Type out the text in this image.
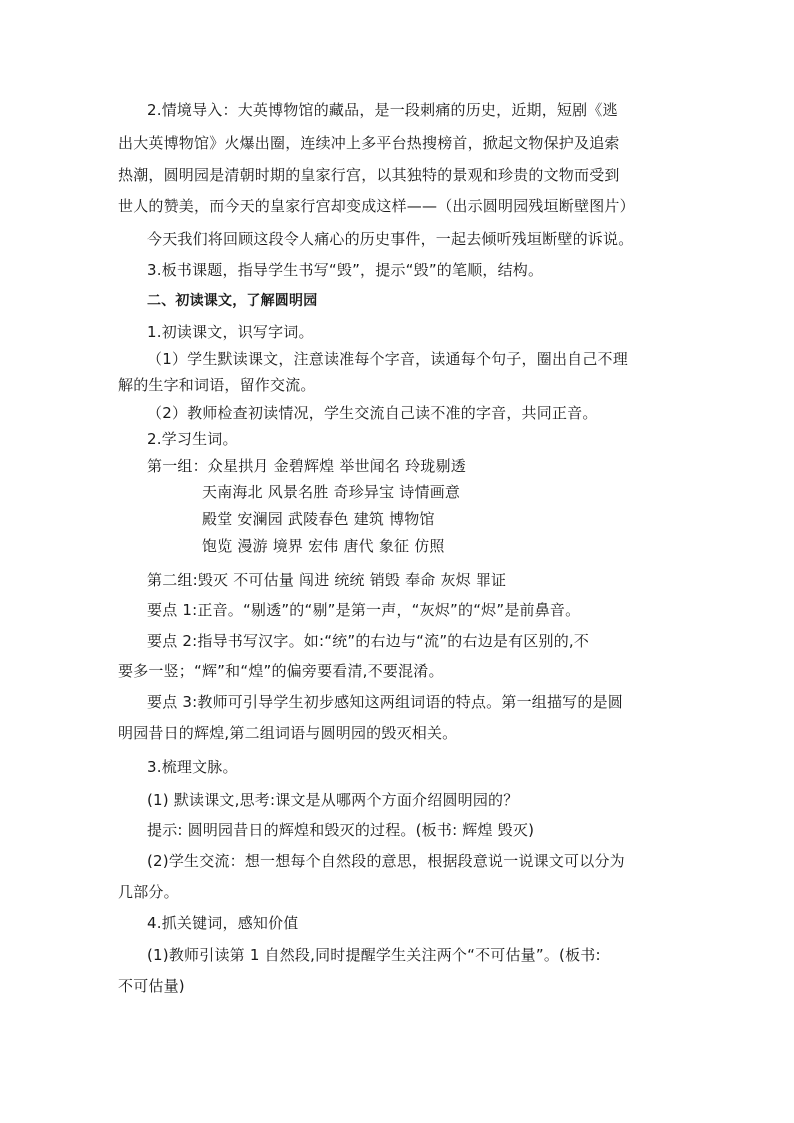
2.情境导入：大英博物馆的藏品，是一段刺痛的历史，近期，短剧《逃
出大英博物馆》火爆出圈，连续冲上多平台热搜榜首，掀起文物保护及追索
热潮，圆明园是清朝时期的皇家行宫，以其独特的景观和珍贵的文物而受到
世人的赞美，而今天的皇家行宫却变成这样——（出示圆明园残垣断壁图片）
今天我们将回顾这段令人痛心的历史事件，一起去倾听残垣断壁的诉说。
3.板书课题，指导学生书写“毁”，提示“毁”的笔顺，结构。
二、初读课文，了解圆明园
1.初读课文，识写字词。
（1）学生默读课文，注意读准每个字音，读通每个句子，圈出自己不理
解的生字和词语，留作交流。
（2）教师检查初读情况，学生交流自己读不准的字音，共同正音。
2.学习生词。
第一组：众星拱月 金碧辉煌 举世闻名 玲珑剔透
天南海北 风景名胜 奇珍异宝 诗情画意
殿堂 安澜园 武陵春色 建筑 博物馆
饱览 漫游 境界 宏伟 唐代 象征 仿照
第二组:毁灭 不可估量 闯进 统统 销毁 奉命 灰烬 罪证
要点 1:正音。“剔透”的“剔”是第一声，“灰烬”的“烬”是前鼻音。
要点 2:指导书写汉字。如:“统”的右边与“流”的右边是有区别的,不
要多一竖；“辉”和“煌”的偏旁要看清,不要混淆。
要点 3:教师可引导学生初步感知这两组词语的特点。第一组描写的是圆
明园昔日的辉煌,第二组词语与圆明园的毁灭相关。
3.梳理文脉。
(1) 默读课文,思考:课文是从哪两个方面介绍圆明园的？
提示: 圆明园昔日的辉煌和毁灭的过程。(板书: 辉煌 毁灭)
(2)学生交流：想一想每个自然段的意思，根据段意说一说课文可以分为
几部分。
4.抓关键词，感知价值
(1)教师引读第 1 自然段,同时提醒学生关注两个“不可估量”。(板书:
不可估量)
